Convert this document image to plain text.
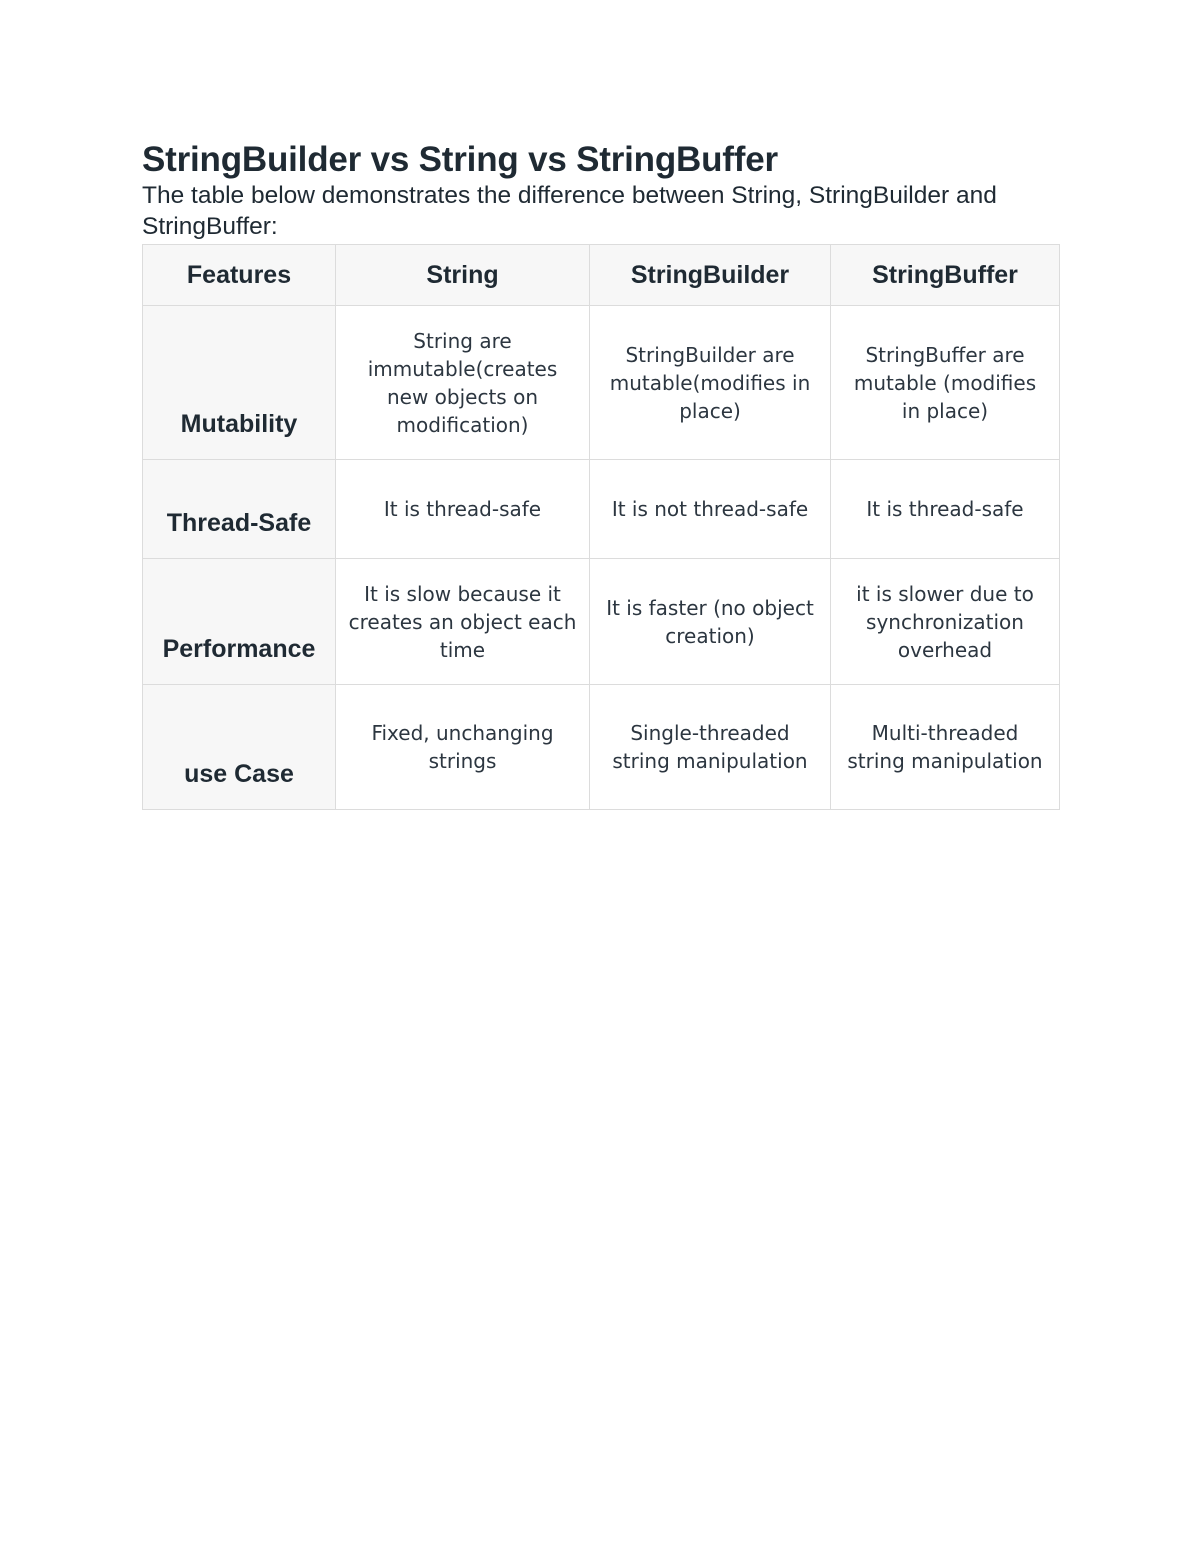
StringBuilder vs String vs StringBuffer

The table below demonstrates the difference between String, StringBuilder and StringBuffer:

Features	String	StringBuilder	StringBuffer
Mutability	String are immutable(creates new objects on modification)	StringBuilder are mutable(modifies in place)	StringBuffer are mutable (modifies in place)
Thread-Safe	It is thread-safe	It is not thread-safe	It is thread-safe
Performance	It is slow because it creates an object each time	It is faster (no object creation)	it is slower due to synchronization overhead
use Case	Fixed, unchanging strings	Single-threaded string manipulation	Multi-threaded string manipulation
